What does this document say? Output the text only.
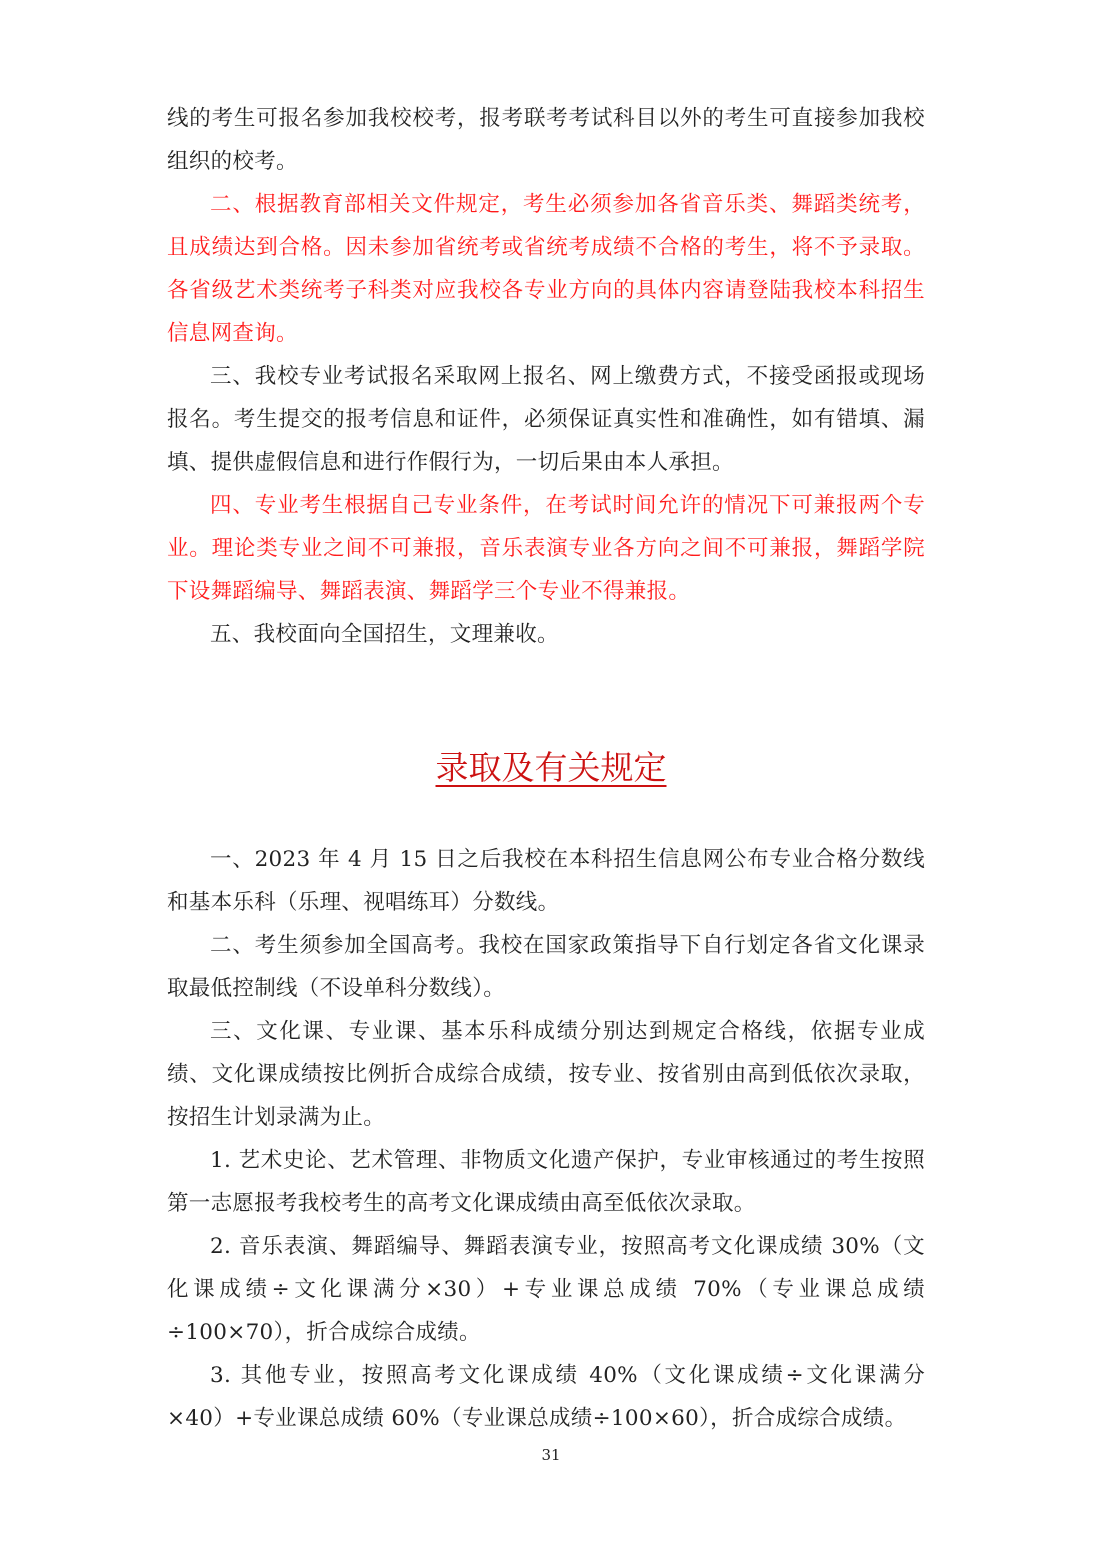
线的考生可报名参加我校校考，报考联考考试科目以外的考生可直接参加我校组织的校考。

二、根据教育部相关文件规定，考生必须参加各省音乐类、舞蹈类统考，且成绩达到合格。因未参加省统考或省统考成绩不合格的考生，将不予录取。各省级艺术类统考子科类对应我校各专业方向的具体内容请登陆我校本科招生信息网查询。

三、我校专业考试报名采取网上报名、网上缴费方式，不接受函报或现场报名。考生提交的报考信息和证件，必须保证真实性和准确性，如有错填、漏填、提供虚假信息和进行作假行为，一切后果由本人承担。

四、专业考生根据自己专业条件，在考试时间允许的情况下可兼报两个专业。理论类专业之间不可兼报，音乐表演专业各方向之间不可兼报，舞蹈学院下设舞蹈编导、舞蹈表演、舞蹈学三个专业不得兼报。

五、我校面向全国招生，文理兼收。

录取及有关规定

一、2023 年 4 月 15 日之后我校在本科招生信息网公布专业合格分数线和基本乐科（乐理、视唱练耳）分数线。

二、考生须参加全国高考。我校在国家政策指导下自行划定各省文化课录取最低控制线（不设单科分数线）。

三、文化课、专业课、基本乐科成绩分别达到规定合格线，依据专业成绩、文化课成绩按比例折合成综合成绩，按专业、按省别由高到低依次录取，按招生计划录满为止。

1. 艺术史论、艺术管理、非物质文化遗产保护，专业审核通过的考生按照第一志愿报考我校考生的高考文化课成绩由高至低依次录取。

2. 音乐表演、舞蹈编导、舞蹈表演专业，按照高考文化课成绩 30%（文化课成绩÷文化课满分×30）+专业课总成绩 70%（专业课总成绩÷100×70），折合成综合成绩。

3. 其他专业，按照高考文化课成绩 40%（文化课成绩÷文化课满分×40）+专业课总成绩 60%（专业课总成绩÷100×60），折合成综合成绩。

31
